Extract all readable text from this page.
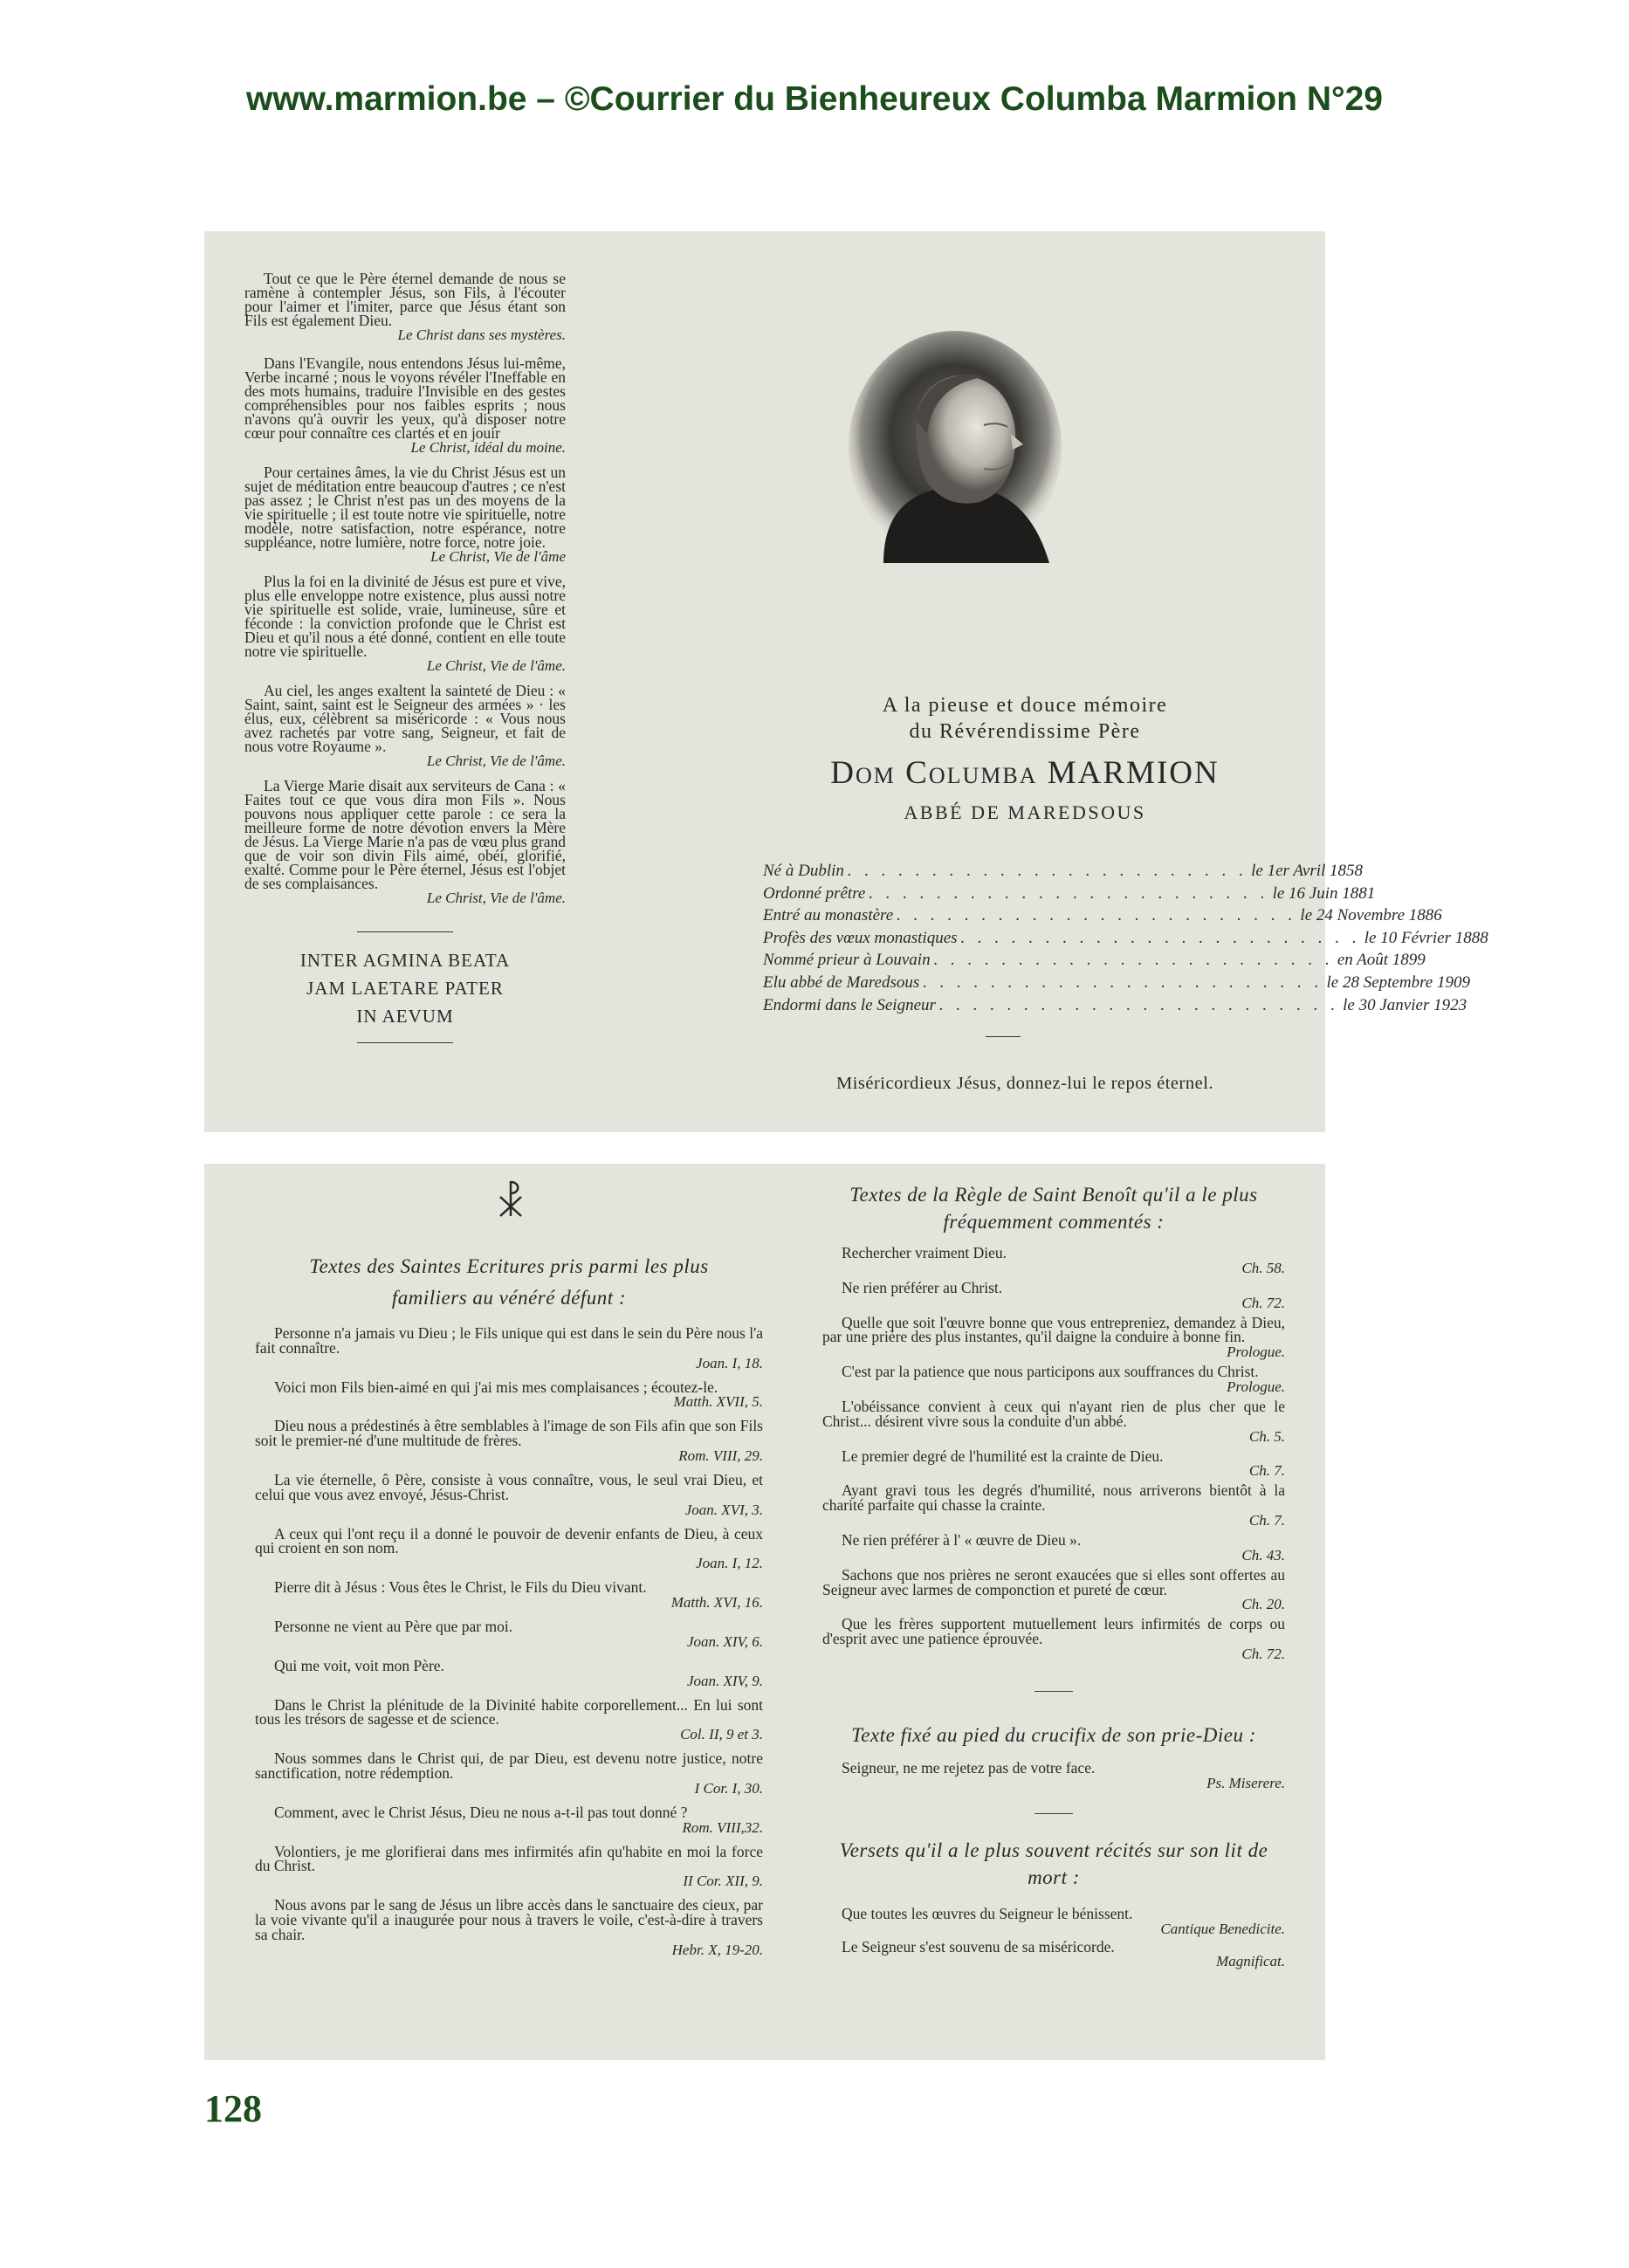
www.marmion.be – ©Courrier du Bienheureux Columba Marmion N°29
Tout ce que le Père éternel demande de nous se ramène à contempler Jésus, son Fils, à l'écouter pour l'aimer et l'imiter, parce que Jésus étant son Fils est également Dieu.
Le Christ dans ses mystères.
Dans l'Evangile, nous entendons Jésus lui-même, Verbe incarné ; nous le voyons révéler l'Ineffable en des mots humains, traduire l'Invisible en des gestes compréhensibles pour nos faibles esprits ; nous n'avons qu'à ouvrir les yeux, qu'à disposer notre cœur pour connaître ces clartés et en jouir
Le Christ, idéal du moine.
Pour certaines âmes, la vie du Christ Jésus est un sujet de méditation entre beaucoup d'autres ; ce n'est pas assez ; le Christ n'est pas un des moyens de la vie spirituelle ; il est toute notre vie spirituelle, notre modèle, notre satisfaction, notre espérance, notre suppléance, notre lumière, notre force, notre joie.
Le Christ, Vie de l'âme
Plus la foi en la divinité de Jésus est pure et vive, plus elle enveloppe notre existence, plus aussi notre vie spirituelle est solide, vraie, lumineuse, sûre et féconde : la conviction profonde que le Christ est Dieu et qu'il nous a été donné, contient en elle toute notre vie spirituelle.
Le Christ, Vie de l'âme.
Au ciel, les anges exaltent la sainteté de Dieu : « Saint, saint, saint est le Seigneur des armées » · les élus, eux, célèbrent sa miséricorde : « Vous nous avez rachetés par votre sang, Seigneur, et fait de nous votre Royaume ».
Le Christ, Vie de l'âme.
La Vierge Marie disait aux serviteurs de Cana : « Faites tout ce que vous dira mon Fils ». Nous pouvons nous appliquer cette parole : ce sera la meilleure forme de notre dévotion envers la Mère de Jésus. La Vierge Marie n'a pas de vœu plus grand que de voir son divin Fils aimé, obéi, glorifié, exalté. Comme pour le Père éternel, Jésus est l'objet de ses complaisances.
Le Christ, Vie de l'âme.
INTER AGMINA BEATA
JAM LAETARE PATER
IN AEVUM
A la pieuse et douce mémoire
du Révérendissime Père
Dom Columba MARMION
ABBÉ DE MAREDSOUS
Né à Dublin . . . . . . . . . . . . . . . . . . . . . . . . le 1er Avril 1858
Ordonné prêtre . . . . . . . . . . . . . . . . . . . . . . . . le 16 Juin 1881
Entré au monastère . . . . . . . . . . . . . . . . . . . . . . . . le 24 Novembre 1886
Profès des vœux monastiques . . . . . . . . . . . . . . . . . . . . . . . . le 10 Février 1888
Nommé prieur à Louvain . . . . . . . . . . . . . . . . . . . . . . . . en Août 1899
Elu abbé de Maredsous . . . . . . . . . . . . . . . . . . . . . . . . le 28 Septembre 1909
Endormi dans le Seigneur . . . . . . . . . . . . . . . . . . . . . . . . le 30 Janvier 1923
Miséricordieux Jésus, donnez-lui le repos éternel.
Textes des Saintes Ecritures pris parmi les plus familiers au vénéré défunt :
Personne n'a jamais vu Dieu ; le Fils unique qui est dans le sein du Père nous l'a fait connaître.
Joan. I, 18.
Voici mon Fils bien-aimé en qui j'ai mis mes complaisances ; écoutez-le.
Matth. XVII, 5.
Dieu nous a prédestinés à être semblables à l'image de son Fils afin que son Fils soit le premier-né d'une multitude de frères.
Rom. VIII, 29.
La vie éternelle, ô Père, consiste à vous connaître, vous, le seul vrai Dieu, et celui que vous avez envoyé, Jésus-Christ.
Joan. XVI, 3.
A ceux qui l'ont reçu il a donné le pouvoir de devenir enfants de Dieu, à ceux qui croient en son nom.
Joan. I, 12.
Pierre dit à Jésus : Vous êtes le Christ, le Fils du Dieu vivant.
Matth. XVI, 16.
Personne ne vient au Père que par moi.
Joan. XIV, 6.
Qui me voit, voit mon Père.
Joan. XIV, 9.
Dans le Christ la plénitude de la Divinité habite corporellement... En lui sont tous les trésors de sagesse et de science.
Col. II, 9 et 3.
Nous sommes dans le Christ qui, de par Dieu, est devenu notre justice, notre sanctification, notre rédemption.
I Cor. I, 30.
Comment, avec le Christ Jésus, Dieu ne nous a-t-il pas tout donné ?
Rom. VIII,32.
Volontiers, je me glorifierai dans mes infirmités afin qu'habite en moi la force du Christ.
II Cor. XII, 9.
Nous avons par le sang de Jésus un libre accès dans le sanctuaire des cieux, par la voie vivante qu'il a inaugurée pour nous à travers le voile, c'est-à-dire à travers sa chair.
Hebr. X, 19-20.
Textes de la Règle de Saint Benoît qu'il a le plus fréquemment commentés :
Rechercher vraiment Dieu.
Ch. 58.
Ne rien préférer au Christ.
Ch. 72.
Quelle que soit l'œuvre bonne que vous entrepreniez, demandez à Dieu, par une prière des plus instantes, qu'il daigne la conduire à bonne fin.
Prologue.
C'est par la patience que nous participons aux souffrances du Christ.
Prologue.
L'obéissance convient à ceux qui n'ayant rien de plus cher que le Christ... désirent vivre sous la conduite d'un abbé.
Ch. 5.
Le premier degré de l'humilité est la crainte de Dieu.
Ch. 7.
Ayant gravi tous les degrés d'humilité, nous arriverons bientôt à la charité parfaite qui chasse la crainte.
Ch. 7.
Ne rien préférer à l' « œuvre de Dieu ».
Ch. 43.
Sachons que nos prières ne seront exaucées que si elles sont offertes au Seigneur avec larmes de componction et pureté de cœur.
Ch. 20.
Que les frères supportent mutuellement leurs infirmités de corps ou d'esprit avec une patience éprouvée.
Ch. 72.
Texte fixé au pied du crucifix de son prie-Dieu :
Seigneur, ne me rejetez pas de votre face.
Ps. Miserere.
Versets qu'il a le plus souvent récités sur son lit de mort :
Que toutes les œuvres du Seigneur le bénissent.
Cantique Benedicite.
Le Seigneur s'est souvenu de sa miséricorde.
Magnificat.
128
